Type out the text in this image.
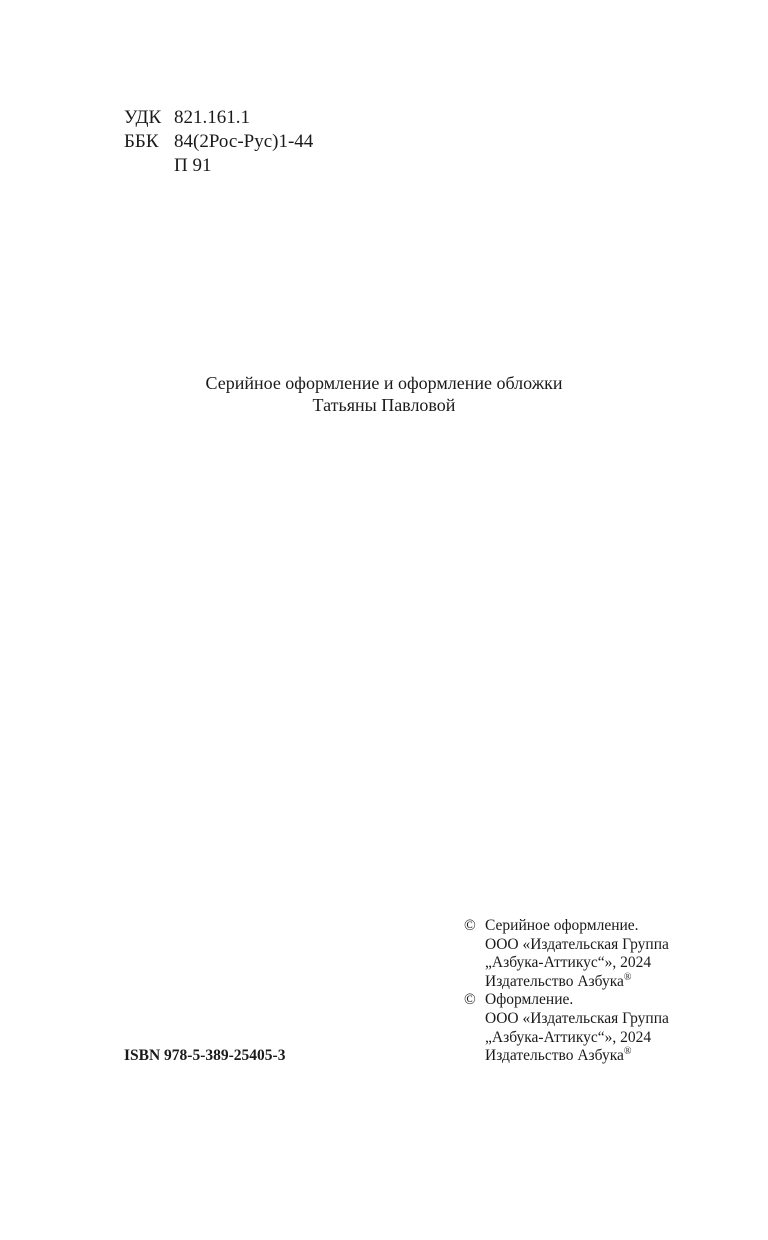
УДК 821.161.1
ББК 84(2Рос-Рус)1-44
П 91
Серийное оформление и оформление обложки
Татьяны Павловой
© Серийное оформление.
ООО «Издательская Группа
„Азбука-Аттикус“», 2024
Издательство Азбука®
© Оформление.
ООО «Издательская Группа
„Азбука-Аттикус“», 2024
Издательство Азбука®
ISBN 978-5-389-25405-3
